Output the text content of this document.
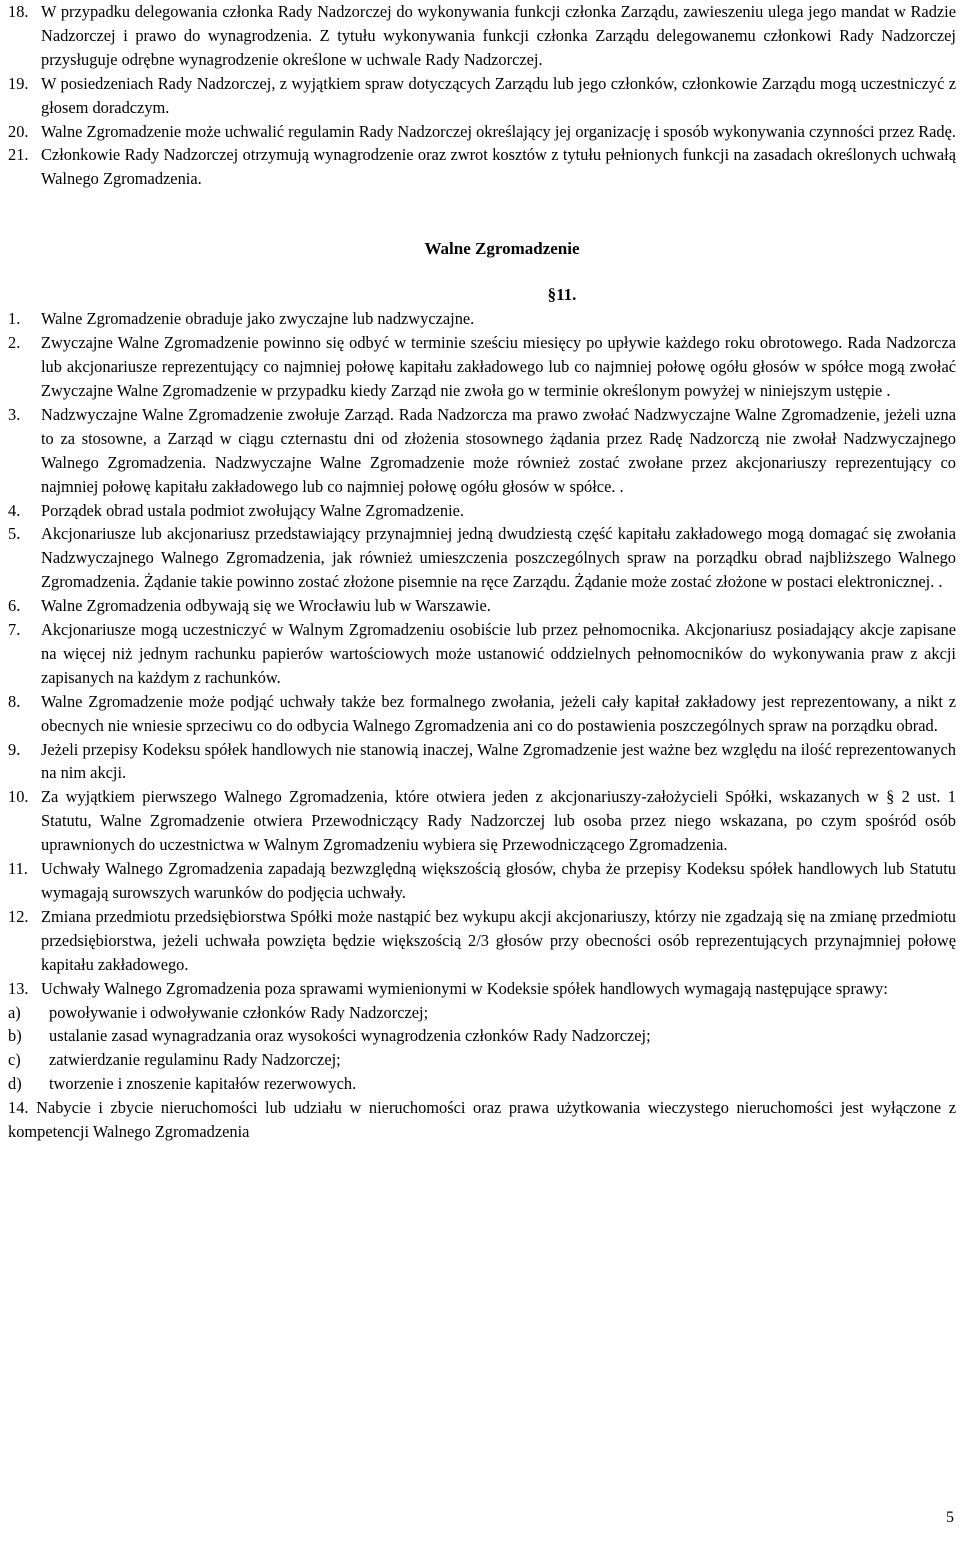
18. W przypadku delegowania członka Rady Nadzorczej do wykonywania funkcji członka Zarządu, zawieszeniu ulega jego mandat w Radzie Nadzorczej i prawo do wynagrodzenia. Z tytułu wykonywania funkcji członka Zarządu delegowanemu członkowi Rady Nadzorczej przysługuje odrębne wynagrodzenie określone w uchwale Rady Nadzorczej.
19. W posiedzeniach Rady Nadzorczej, z wyjątkiem spraw dotyczących Zarządu lub jego członków, członkowie Zarządu mogą uczestniczyć z głosem doradczym.
20. Walne Zgromadzenie może uchwalić regulamin Rady Nadzorczej określający jej organizację i sposób wykonywania czynności przez Radę.
21. Członkowie Rady Nadzorczej otrzymują wynagrodzenie oraz zwrot kosztów z tytułu pełnionych funkcji na zasadach określonych uchwałą Walnego Zgromadzenia.
Walne Zgromadzenie
§11.
1.	Walne Zgromadzenie obraduje jako zwyczajne lub nadzwyczajne.
2.	Zwyczajne Walne Zgromadzenie powinno się odbyć w terminie sześciu miesięcy po upływie każdego roku obrotowego. Rada Nadzorcza lub akcjonariusze reprezentujący co najmniej połowę kapitału zakładowego lub co najmniej połowę ogółu głosów w spółce mogą zwołać Zwyczajne Walne Zgromadzenie w przypadku kiedy Zarząd nie zwoła go w terminie określonym powyżej w niniejszym ustępie .
3.	Nadzwyczajne Walne Zgromadzenie zwołuje Zarząd. Rada Nadzorcza ma prawo zwołać Nadzwyczajne Walne Zgromadzenie, jeżeli uzna to za stosowne, a Zarząd w ciągu czternastu dni od złożenia stosownego żądania przez Radę Nadzorczą nie zwołał Nadzwyczajnego Walnego Zgromadzenia. Nadzwyczajne Walne Zgromadzenie może również zostać zwołane przez akcjonariuszy reprezentujący co najmniej połowę kapitału zakładowego lub co najmniej połowę ogółu głosów w spółce. .
4.	Porządek obrad ustala podmiot zwołujący Walne Zgromadzenie.
5.	Akcjonariusze lub akcjonariusz przedstawiający przynajmniej jedną dwudziestą część kapitału zakładowego mogą domagać się zwołania Nadzwyczajnego Walnego Zgromadzenia, jak również umieszczenia poszczególnych spraw na porządku obrad najbliższego Walnego Zgromadzenia. Żądanie takie powinno zostać złożone pisemnie na ręce Zarządu. Żądanie może zostać złożone w postaci elektronicznej. .
6.	Walne Zgromadzenia odbywają się we Wrocławiu lub w Warszawie.
7.	Akcjonariusze mogą uczestniczyć w Walnym Zgromadzeniu osobiście lub przez pełnomocnika. Akcjonariusz posiadający akcje zapisane na więcej niż jednym rachunku papierów wartościowych może ustanowić oddzielnych pełnomocników do wykonywania praw z akcji zapisanych na każdym z rachunków.
8.	Walne Zgromadzenie może podjąć uchwały także bez formalnego zwołania, jeżeli cały kapitał zakładowy jest reprezentowany, a nikt z obecnych nie wniesie sprzeciwu co do odbycia Walnego Zgromadzenia ani co do postawienia poszczególnych spraw na porządku obrad.
9.	Jeżeli przepisy Kodeksu spółek handlowych nie stanowią inaczej, Walne Zgromadzenie jest ważne bez względu na ilość reprezentowanych na nim akcji.
10. Za wyjątkiem pierwszego Walnego Zgromadzenia, które otwiera jeden z akcjonariuszy-założycieli Spółki, wskazanych w § 2 ust. 1 Statutu, Walne Zgromadzenie otwiera Przewodniczący Rady Nadzorczej lub osoba przez niego wskazana, po czym spośród osób uprawnionych do uczestnictwa w Walnym Zgromadzeniu wybiera się Przewodniczącego Zgromadzenia.
11. Uchwały Walnego Zgromadzenia zapadają bezwzględną większością głosów, chyba że przepisy Kodeksu spółek handlowych lub Statutu wymagają surowszych warunków do podjęcia uchwały.
12. Zmiana przedmiotu przedsiębiorstwa Spółki może nastąpić bez wykupu akcji akcjonariuszy, którzy nie zgadzają się na zmianę przedmiotu przedsiębiorstwa, jeżeli uchwała powzięta będzie większością 2/3 głosów przy obecności osób reprezentujących przynajmniej połowę kapitału zakładowego.
13. Uchwały Walnego Zgromadzenia poza sprawami wymienionymi w Kodeksie spółek handlowych wymagają następujące sprawy:
a)	powoływanie i odwoływanie członków Rady Nadzorczej;
b)	ustalanie zasad wynagradzania oraz wysokości wynagrodzenia członków Rady Nadzorczej;
c)	zatwierdzanie regulaminu Rady Nadzorczej;
d)	tworzenie i znoszenie kapitałów rezerwowych.
14. Nabycie i zbycie nieruchomości lub udziału w nieruchomości oraz prawa użytkowania wieczystego nieruchomości jest wyłączone z kompetencji Walnego Zgromadzenia
5
